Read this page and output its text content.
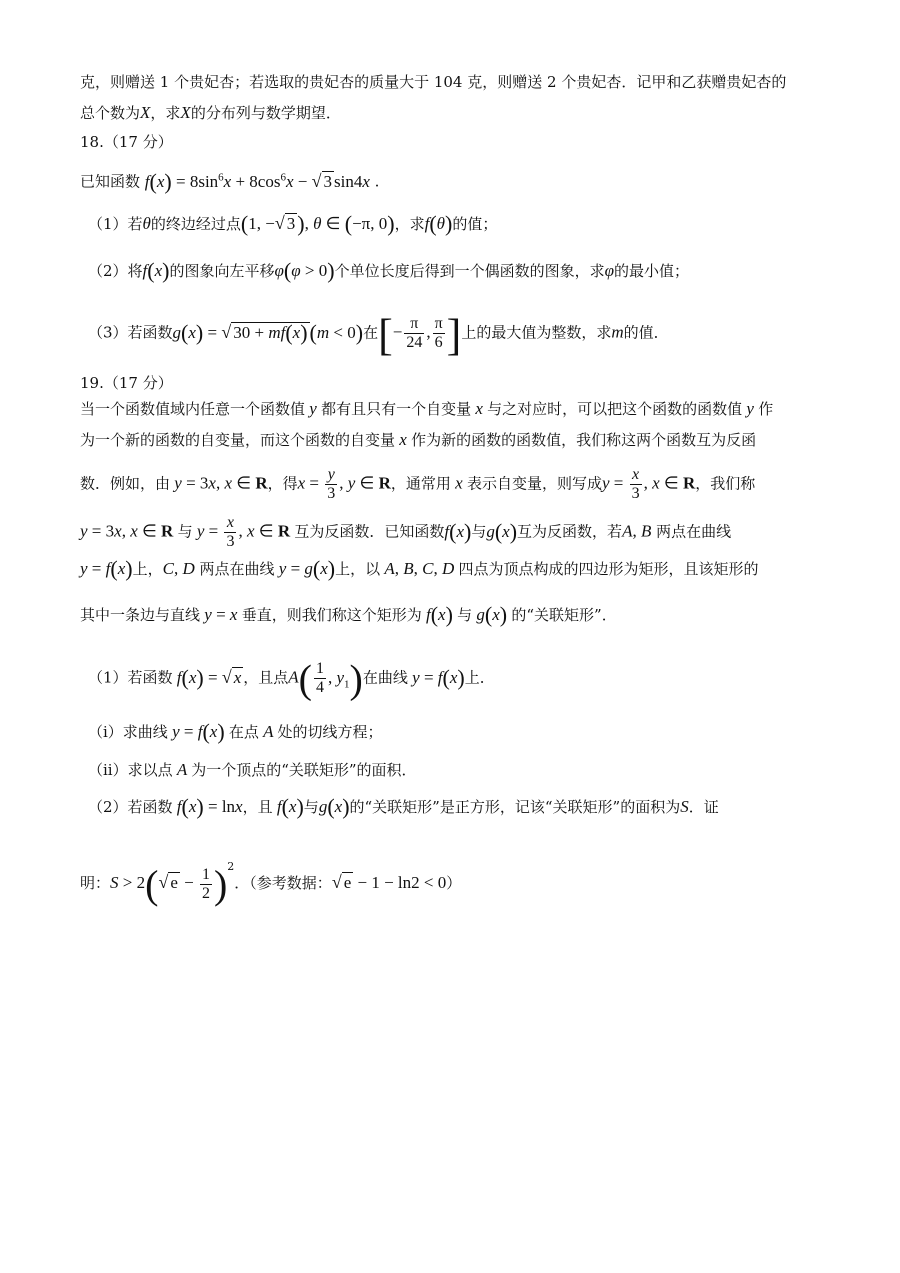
克，则赠送 1 个贵妃杏；若选取的贵妃杏的质量大于 104 克，则赠送 2 个贵妃杏．记甲和乙获赠贵妃杏的
总个数为X，求X的分布列与数学期望．
18.（17 分）
已知函数 $f(x) = 8\sin^6x + 8\cos^6x$ − √ 3 sin4x .
（1）若θ的终边经过点(1, −√ 3), θ ∈ (−π, 0)，求f(θ)的值；
（2）将f(x)的图象向左平移φ(φ > 0)个单位长度后得到一个偶函数的图象，求φ的最小值；
（3）若函数g(x) = √ 30 + mf(x)(m < 0)在[− $\frac{\pi}{24}$ , $\frac{\pi}{6}$ ]上的最大值为整数，求m的值．
19.（17 分）
当一个函数值域内任意一个函数值 y 都有且只有一个自变量 x 与之对应时，可以把这个函数的函数值 y 作
为一个新的函数的自变量，而这个函数的自变量 x 作为新的函数的函数值，我们称这两个函数互为反函
数．例如，由 y = 3x, x ∈ R，得$x = \frac{y}{3}$ , y ∈ R，通常用 x 表示自变量，则写成$y = \frac{x}{3}$ , x ∈ R，我们称
y = 3x, x ∈ R 与 $y = \frac{x}{3}$ , x ∈ R 互为反函数．已知函数f(x)与g(x)互为反函数，若A, B 两点在曲线
y = f(x)上，C, D 两点在曲线 y = g(x)上，以 A, B, C, D 四点为顶点构成的四边形为矩形，且该矩形的
其中一条边与直线 y = x 垂直，则我们称这个矩形为 f(x) 与 g(x) 的“关联矩形”．
（1）若函数 f(x) = √ x ，且点$A( \frac{1}{4}$ , $y_1$)在曲线 y = f(x)上．
（i）求曲线 y = f(x) 在点 A 处的切线方程；
（ii）求以点 A 为一个顶点的“关联矩形”的面积．
（2）若函数 f(x) = lnx，且 f(x)与g(x)的“关联矩形”是正方形，记该“关联矩形”的面积为S．证
明：S > 2(√ $e - \frac{1}{2} )^2$．（参考数据：√ e − 1 − ln2 < 0）
